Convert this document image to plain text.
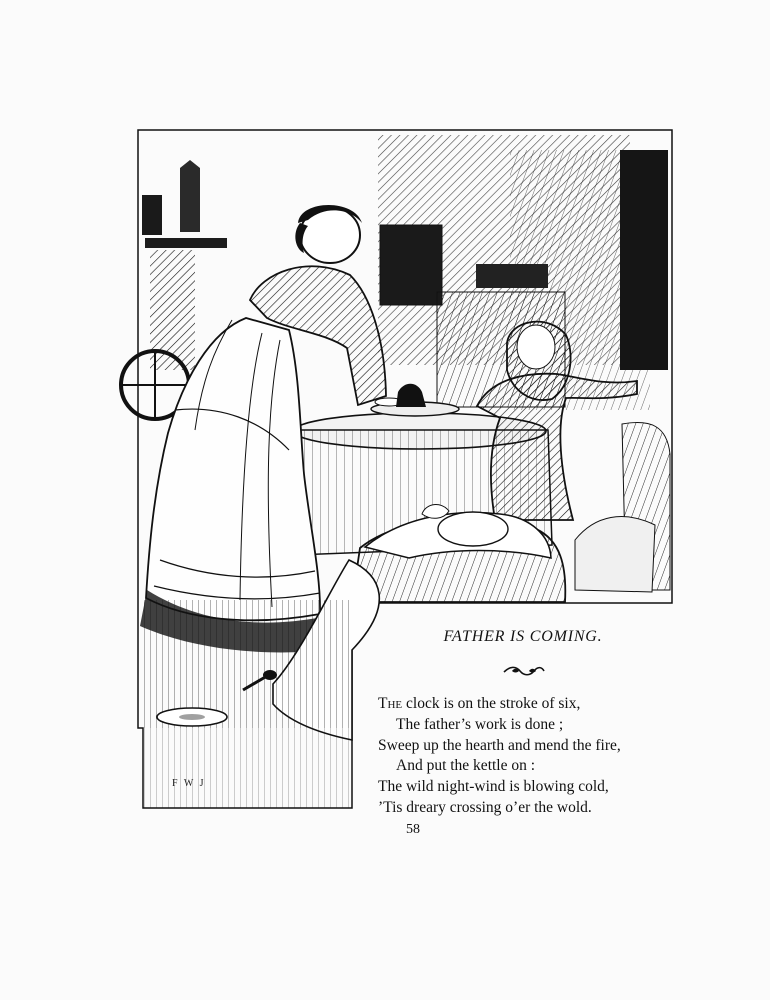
F W J
FATHER IS COMING.
The clock is on the stroke of six,
The father’s work is done ;
Sweep up the hearth and mend the fire,
And put the kettle on :
The wild night-wind is blowing cold,
’Tis dreary crossing o’er the wold.
58
